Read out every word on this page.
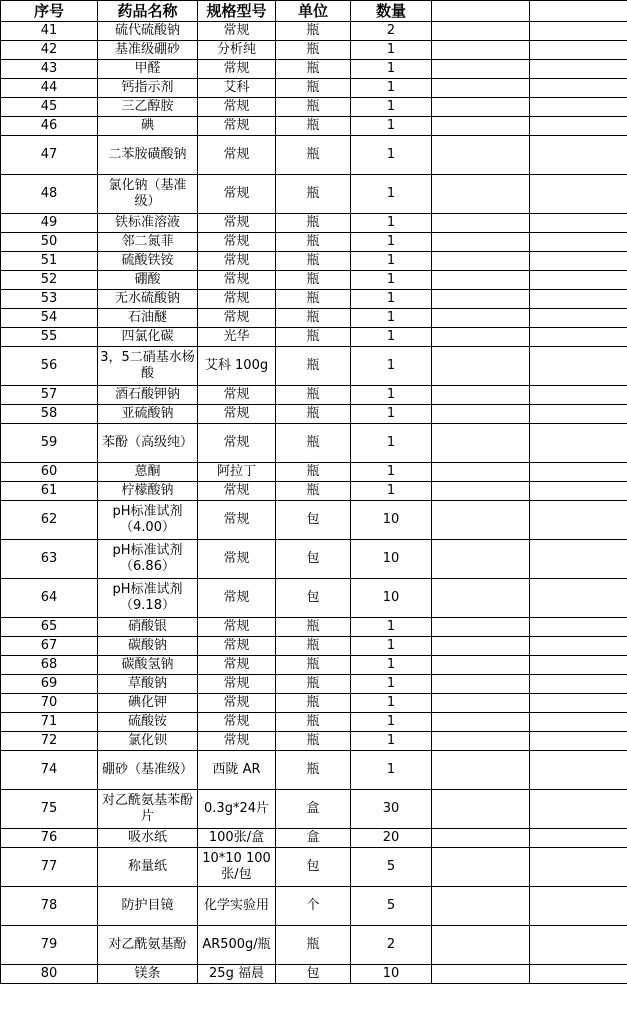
序号	药品名称	规格型号	单位	数量		
41	硫代硫酸钠	常规	瓶	2		
42	基准级硼砂	分析纯	瓶	1		
43	甲醛	常规	瓶	1		
44	钙指示剂	艾科	瓶	1		
45	三乙醇胺	常规	瓶	1		
46	碘	常规	瓶	1		
47	二苯胺磺酸钠	常规	瓶	1		
48	氯化钠（基准级）	常规	瓶	1		
49	铁标准溶液	常规	瓶	1		
50	邻二氮菲	常规	瓶	1		
51	硫酸铁铵	常规	瓶	1		
52	硼酸	常规	瓶	1		
53	无水硫酸钠	常规	瓶	1		
54	石油醚	常规	瓶	1		
55	四氯化碳	光华	瓶	1		
56	3，5二硝基水杨酸	艾科 100g	瓶	1		
57	酒石酸钾钠	常规	瓶	1		
58	亚硫酸钠	常规	瓶	1		
59	苯酚（高级纯）	常规	瓶	1		
60	蒽酮	阿拉丁	瓶	1		
61	柠檬酸钠	常规	瓶	1		
62	pH标准试剂（4.00）	常规	包	10		
63	pH标准试剂（6.86）	常规	包	10		
64	pH标准试剂（9.18）	常规	包	10		
65	硝酸银	常规	瓶	1		
67	碳酸钠	常规	瓶	1		
68	碳酸氢钠	常规	瓶	1		
69	草酸钠	常规	瓶	1		
70	碘化钾	常规	瓶	1		
71	硫酸铵	常规	瓶	1		
72	氯化钡	常规	瓶	1		
74	硼砂（基准级）	西陇 AR	瓶	1		
75	对乙酰氨基苯酚片	0.3g*24片	盒	30		
76	吸水纸	100张/盒	盒	20		
77	称量纸	10*10 100张/包	包	5		
78	防护目镜	化学实验用	个	5		
79	对乙酰氨基酚	AR500g/瓶	瓶	2		
80	镁条	25g 福晨	包	10		
